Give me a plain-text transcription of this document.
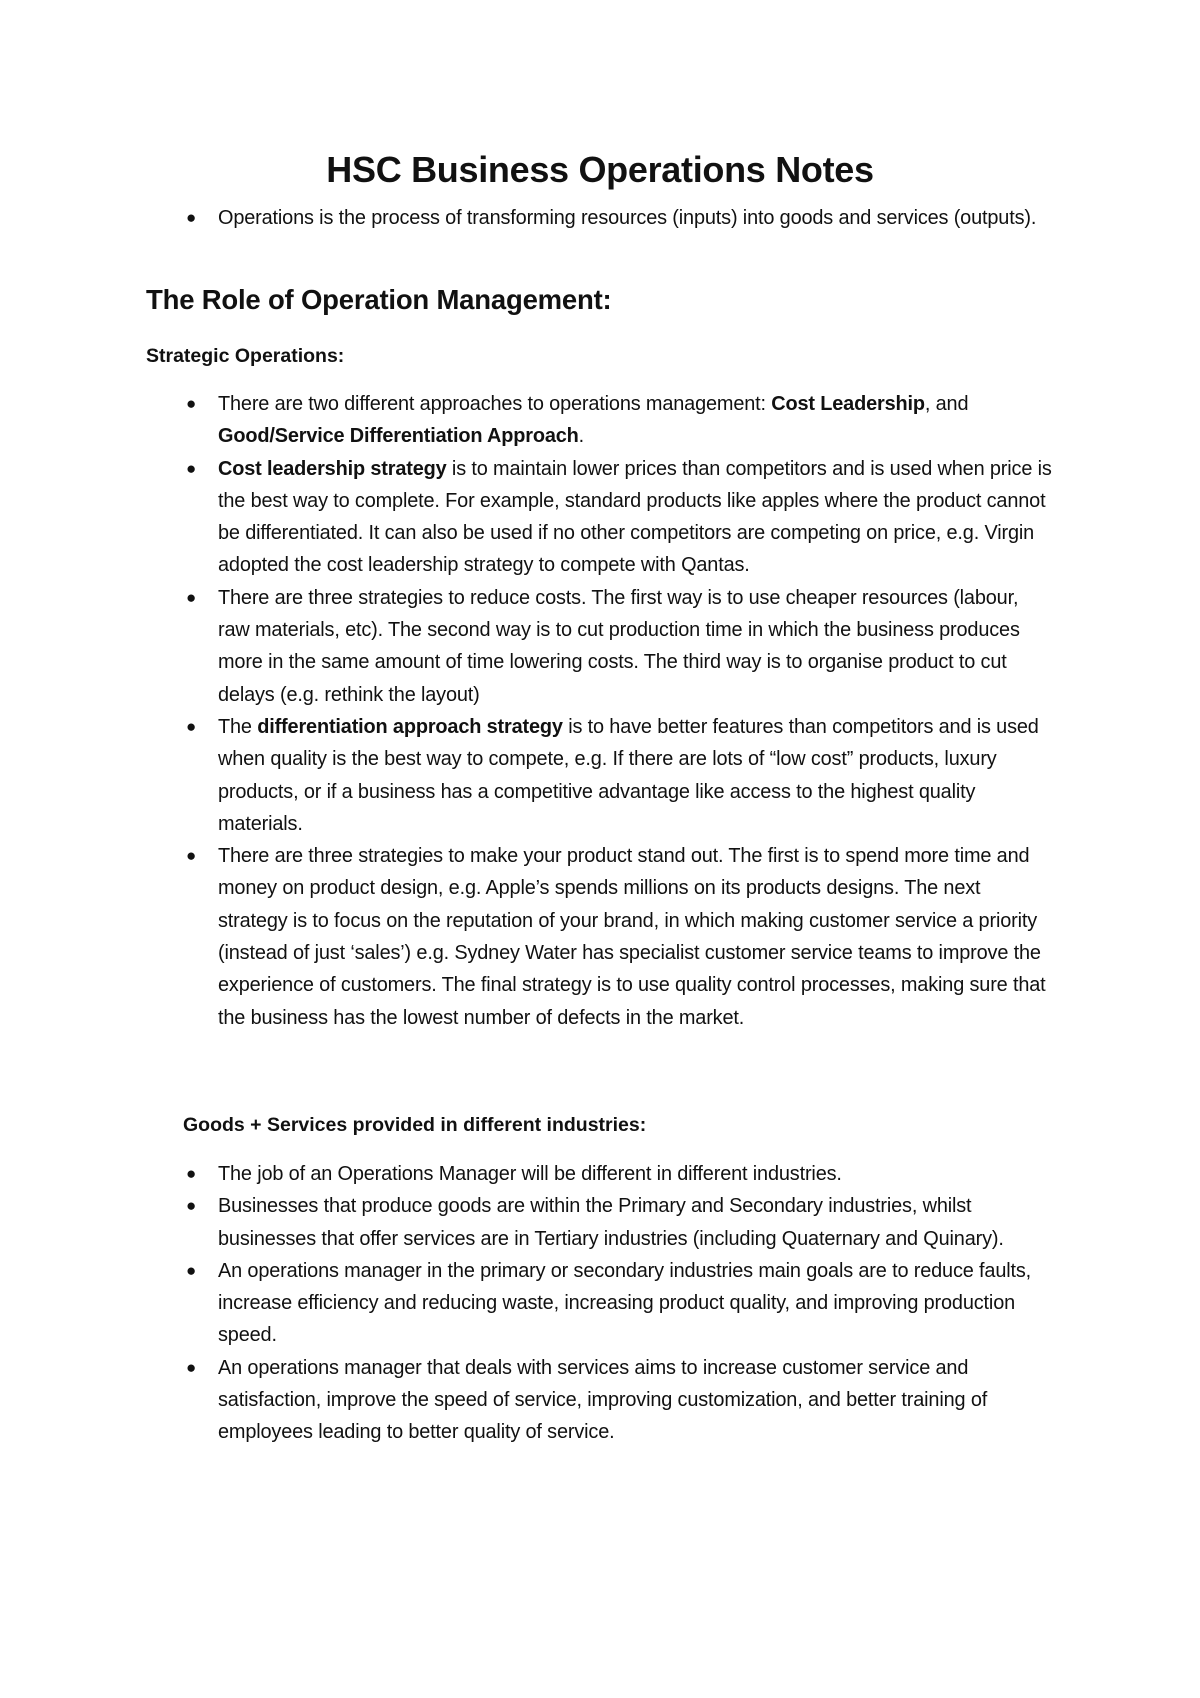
HSC Business Operations Notes
● Operations is the process of transforming resources (inputs) into goods and services (outputs).
The Role of Operation Management:
Strategic Operations:
● There are two different approaches to operations management: Cost Leadership, and Good/Service Differentiation Approach.
● Cost leadership strategy is to maintain lower prices than competitors and is used when price is the best way to complete. For example, standard products like apples where the product cannot be differentiated. It can also be used if no other competitors are competing on price, e.g. Virgin adopted the cost leadership strategy to compete with Qantas.
● There are three strategies to reduce costs. The first way is to use cheaper resources (labour, raw materials, etc). The second way is to cut production time in which the business produces more in the same amount of time lowering costs. The third way is to organise product to cut delays (e.g. rethink the layout)
● The differentiation approach strategy is to have better features than competitors and is used when quality is the best way to compete, e.g. If there are lots of “low cost” products, luxury products, or if a business has a competitive advantage like access to the highest quality materials.
● There are three strategies to make your product stand out. The first is to spend more time and money on product design, e.g. Apple’s spends millions on its products designs. The next strategy is to focus on the reputation of your brand, in which making customer service a priority (instead of just ‘sales’) e.g. Sydney Water has specialist customer service teams to improve the experience of customers. The final strategy is to use quality control processes, making sure that the business has the lowest number of defects in the market.
Goods + Services provided in different industries:
● The job of an Operations Manager will be different in different industries.
● Businesses that produce goods are within the Primary and Secondary industries, whilst businesses that offer services are in Tertiary industries (including Quaternary and Quinary).
● An operations manager in the primary or secondary industries main goals are to reduce faults, increase efficiency and reducing waste, increasing product quality, and improving production speed.
● An operations manager that deals with services aims to increase customer service and satisfaction, improve the speed of service, improving customization, and better training of employees leading to better quality of service.
